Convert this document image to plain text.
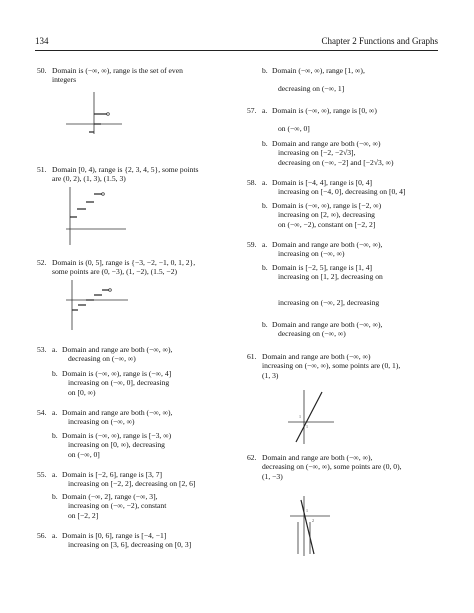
134	Chapter 2 Functions and Graphs
50. Domain is (−∞, ∞), range is the set of even
integers
51. Domain [0, 4), range is {2, 3, 4, 5}, some points
are (0, 2), (1, 3), (1.5, 3)
52. Domain is (0, 5], range is {−3, −2, −1, 0, 1, 2},
some points are (0, −3), (1, −2), (1.5, −2)
53.

a.

Domain and range are both (−∞, ∞),

decreasing on (−∞, ∞)

b.

Domain is (−∞, ∞), range is (−∞, 4]

increasing on (−∞, 0], decreasing

on [0, ∞)

54.

a.

Domain and range are both (−∞, ∞),

increasing on (−∞, ∞)

b.

Domain is (−∞, ∞), range is [−3, ∞)

increasing on [0, ∞), decreasing

on (−∞, 0]

55.

a.

Domain is [−2, 6], range is [3, 7]

increasing on [−2, 2], decreasing on [2, 6]

b.

Domain (−∞, 2], range (−∞, 3],

increasing on (−∞, −2), constant

on [−2, 2]

56.

a.

Domain is [0, 6], range is [−4, −1]

increasing on [3, 6], decreasing on [0, 3]

b.

Domain (−∞, ∞), range [1, ∞),

decreasing on (−∞, 1]

57.

a.

Domain is (−∞, ∞), range is [0, ∞)

on (−∞, 0]

b.

Domain and range are both (−∞, ∞)

increasing on [−2, −2√3],

decreasing on (−∞, −2] and [−2√3, ∞)

58.

a.

Domain is [−4, 4], range is [0, 4]

increasing on [−4, 0], decreasing on [0, 4]

b.

Domain is (−∞, ∞), range is [−2, ∞)

increasing on [2, ∞), decreasing

on (−∞, −2), constant on [−2, 2]

59.

a.

Domain and range are both (−∞, ∞),

increasing on (−∞, ∞)

b.

Domain is [−2, 5], range is [1, 4]

increasing on [1, 2], decreasing on

increasing on (−∞, 2], decreasing

b.

Domain and range are both (−∞, ∞),

decreasing on (−∞, ∞)

61. Domain and range are both (−∞, ∞)
increasing on (−∞, ∞), some points are (0, 1),
(1, 3)
1
1
62. Domain and range are both (−∞, ∞),
decreasing on (−∞, ∞), some points are (0, 0),
(1, −3)
2
1
